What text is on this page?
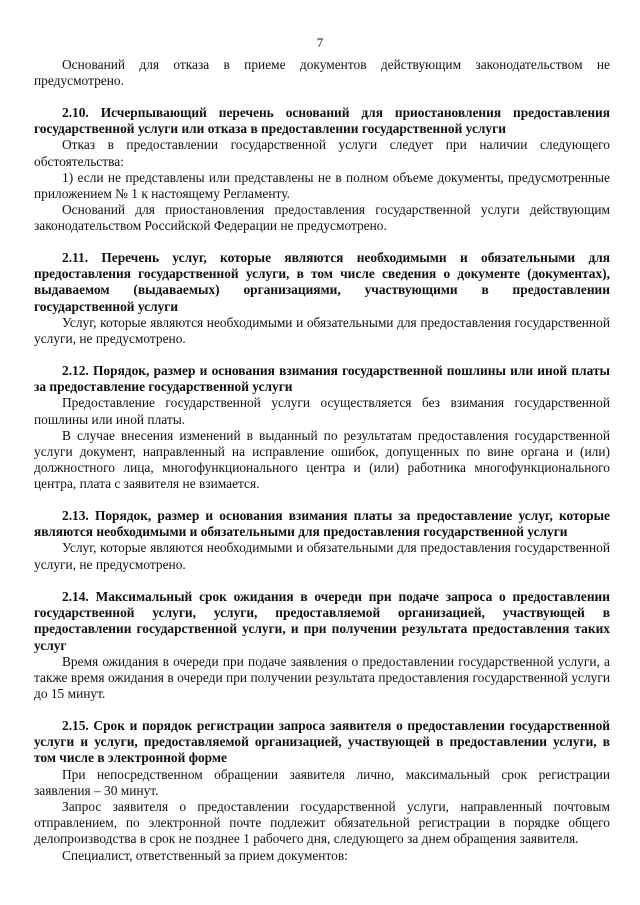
7

Оснований для отказа в приеме документов действующим законодательством не предусмотрено.

2.10. Исчерпывающий перечень оснований для приостановления предоставления государственной услуги или отказа в предоставлении государственной услуги

Отказ в предоставлении государственной услуги следует при наличии следующего обстоятельства:

1) если не представлены или представлены не в полном объеме документы, предусмотренные приложением № 1 к настоящему Регламенту.

Оснований для приостановления предоставления государственной услуги действующим законодательством Российской Федерации не предусмотрено.

2.11. Перечень услуг, которые являются необходимыми и обязательными для предоставления государственной услуги, в том числе сведения о документе (документах), выдаваемом (выдаваемых) организациями, участвующими в предоставлении государственной услуги

Услуг, которые являются необходимыми и обязательными для предоставления государственной услуги, не предусмотрено.

2.12. Порядок, размер и основания взимания государственной пошлины или иной платы за предоставление государственной услуги

Предоставление государственной услуги осуществляется без взимания государственной пошлины или иной платы.

В случае внесения изменений в выданный по результатам предоставления государственной услуги документ, направленный на исправление ошибок, допущенных по вине органа и (или) должностного лица, многофункционального центра и (или) работника многофункционального центра, плата с заявителя не взимается.

2.13. Порядок, размер и основания взимания платы за предоставление услуг, которые являются необходимыми и обязательными для предоставления государственной услуги

Услуг, которые являются необходимыми и обязательными для предоставления государственной услуги, не предусмотрено.

2.14. Максимальный срок ожидания в очереди при подаче запроса о предоставлении государственной услуги, услуги, предоставляемой организацией, участвующей в предоставлении государственной услуги, и при получении результата предоставления таких услуг

Время ожидания в очереди при подаче заявления о предоставлении государственной услуги, а также время ожидания в очереди при получении результата предоставления государственной услуги до 15 минут.

2.15. Срок и порядок регистрации запроса заявителя о предоставлении государственной услуги и услуги, предоставляемой организацией, участвующей в предоставлении услуги, в том числе в электронной форме

При непосредственном обращении заявителя лично, максимальный срок регистрации заявления – 30 минут.

Запрос заявителя о предоставлении государственной услуги, направленный почтовым отправлением, по электронной почте подлежит обязательной регистрации в порядке общего делопроизводства в срок не позднее 1 рабочего дня, следующего за днем обращения заявителя.

Специалист, ответственный за прием документов:
